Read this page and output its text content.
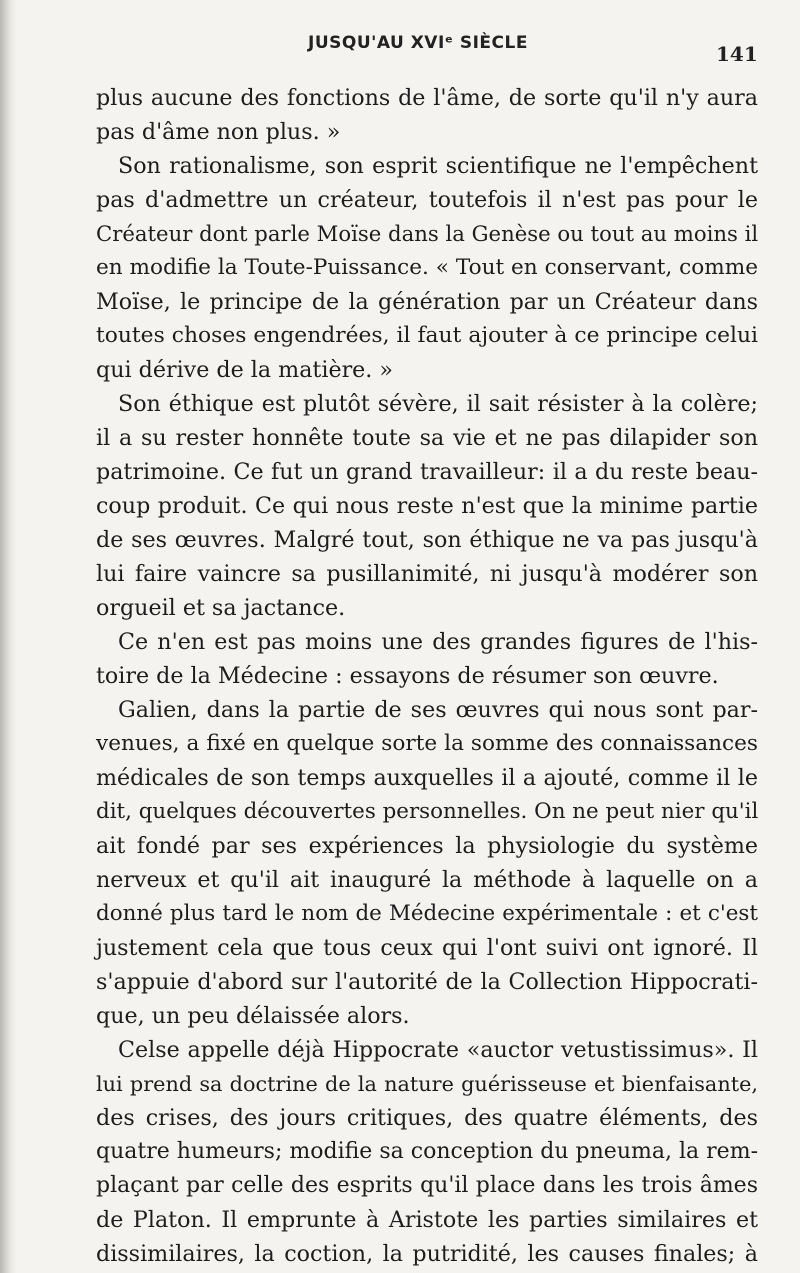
JUSQU'AU XVIᵉ SIÈCLE	141
plus aucune des fonctions de l'âme, de sorte qu'il n'y aura
pas d'âme non plus. »
Son rationalisme, son esprit scientifique ne l'empêchent
pas d'admettre un créateur, toutefois il n'est pas pour le
Créateur dont parle Moïse dans la Genèse ou tout au moins il
en modifie la Toute-Puissance. « Tout en conservant, comme
Moïse, le principe de la génération par un Créateur dans
toutes choses engendrées, il faut ajouter à ce principe celui
qui dérive de la matière. »
Son éthique est plutôt sévère, il sait résister à la colère;
il a su rester honnête toute sa vie et ne pas dilapider son
patrimoine. Ce fut un grand travailleur: il a du reste beau-
coup produit. Ce qui nous reste n'est que la minime partie
de ses œuvres. Malgré tout, son éthique ne va pas jusqu'à
lui faire vaincre sa pusillanimité, ni jusqu'à modérer son
orgueil et sa jactance.
Ce n'en est pas moins une des grandes figures de l'his-
toire de la Médecine : essayons de résumer son œuvre.
Galien, dans la partie de ses œuvres qui nous sont par-
venues, a fixé en quelque sorte la somme des connaissances
médicales de son temps auxquelles il a ajouté, comme il le
dit, quelques découvertes personnelles. On ne peut nier qu'il
ait fondé par ses expériences la physiologie du système
nerveux et qu'il ait inauguré la méthode à laquelle on a
donné plus tard le nom de Médecine expérimentale : et c'est
justement cela que tous ceux qui l'ont suivi ont ignoré. Il
s'appuie d'abord sur l'autorité de la Collection Hippocrati-
que, un peu délaissée alors.
Celse appelle déjà Hippocrate «auctor vetustissimus». Il
lui prend sa doctrine de la nature guérisseuse et bienfaisante,
des crises, des jours critiques, des quatre éléments, des
quatre humeurs; modifie sa conception du pneuma, la rem-
plaçant par celle des esprits qu'il place dans les trois âmes
de Platon. Il emprunte à Aristote les parties similaires et
dissimilaires, la coction, la putridité, les causes finales; à
